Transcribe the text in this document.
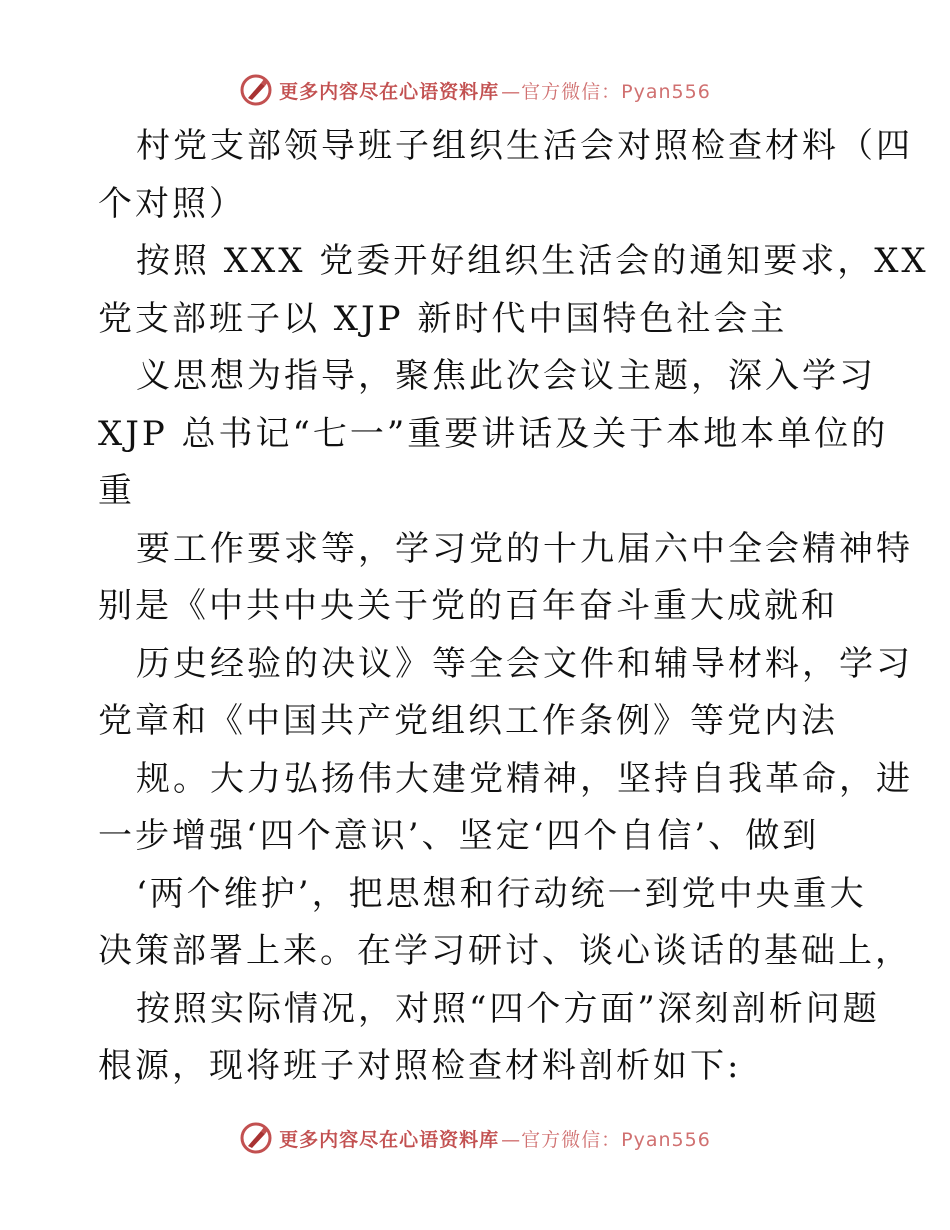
更多内容尽在心语资料库 —官方微信：Pyan556
村党支部领导班子组织生活会对照检查材料（四
个对照）
按照 XXX 党委开好组织生活会的通知要求，XX
党支部班子以 XJP 新时代中国特色社会主
义思想为指导，聚焦此次会议主题，深入学习
XJP 总书记“七一”重要讲话及关于本地本单位的
重
要工作要求等，学习党的十九届六中全会精神特
别是《中共中央关于党的百年奋斗重大成就和
历史经验的决议》等全会文件和辅导材料，学习
党章和《中国共产党组织工作条例》等党内法
规。大力弘扬伟大建党精神，坚持自我革命，进
一步增强‘四个意识’、坚定‘四个自信’、做到
‘两个维护’，把思想和行动统一到党中央重大
决策部署上来。在学习研讨、谈心谈话的基础上，
按照实际情况，对照“四个方面”深刻剖析问题
根源，现将班子对照检查材料剖析如下:
更多内容尽在心语资料库 —官方微信：Pyan556
